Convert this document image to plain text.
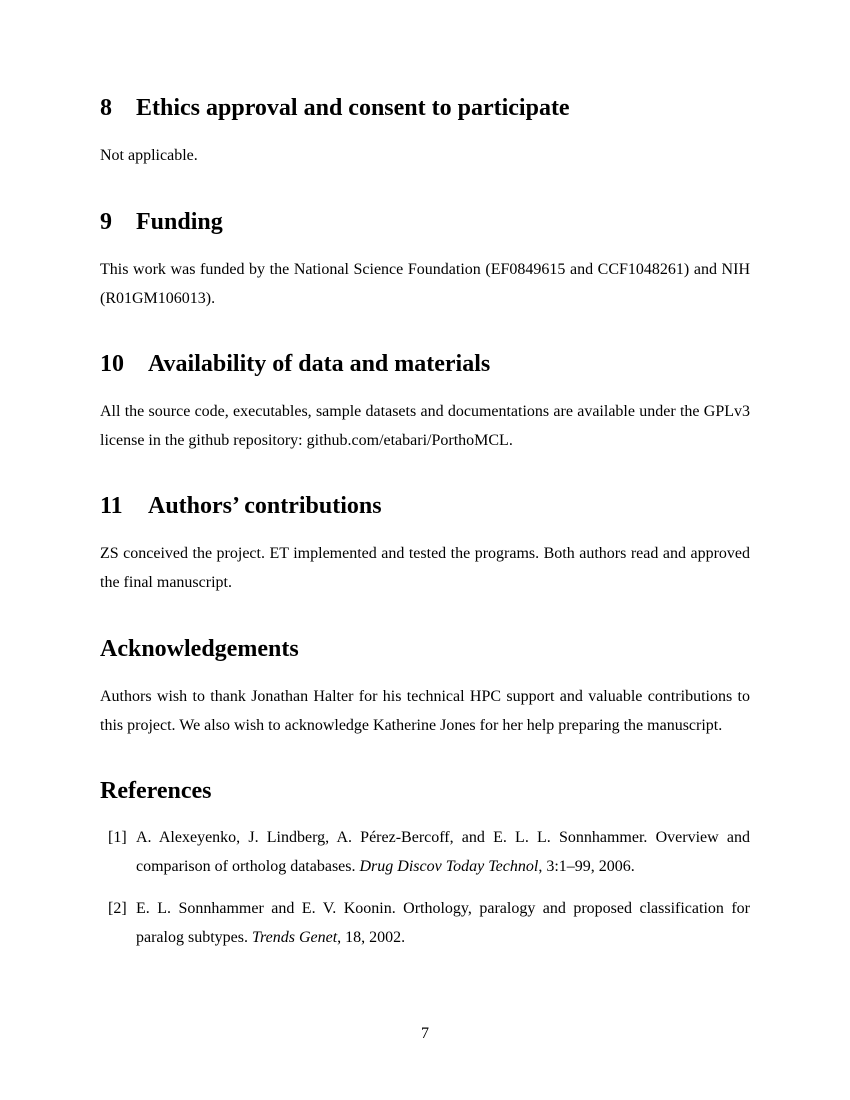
8 Ethics approval and consent to participate

Not applicable.

9 Funding

This work was funded by the National Science Foundation (EF0849615 and CCF1048261) and NIH (R01GM106013).

10 Availability of data and materials

All the source code, executables, sample datasets and documentations are available under the GPLv3 license in the github repository: github.com/etabari/PorthoMCL.

11 Authors’ contributions

ZS conceived the project. ET implemented and tested the programs. Both authors read and approved the final manuscript.

Acknowledgements

Authors wish to thank Jonathan Halter for his technical HPC support and valuable contributions to this project. We also wish to acknowledge Katherine Jones for her help preparing the manuscript.

References
[1] A. Alexeyenko, J. Lindberg, A. Pérez-Bercoff, and E. L. L. Sonnhammer. Overview and comparison of ortholog databases. Drug Discov Today Technol, 3:1–99, 2006.
[2] E. L. Sonnhammer and E. V. Koonin. Orthology, paralogy and proposed classification for paralog subtypes. Trends Genet, 18, 2002.
7
